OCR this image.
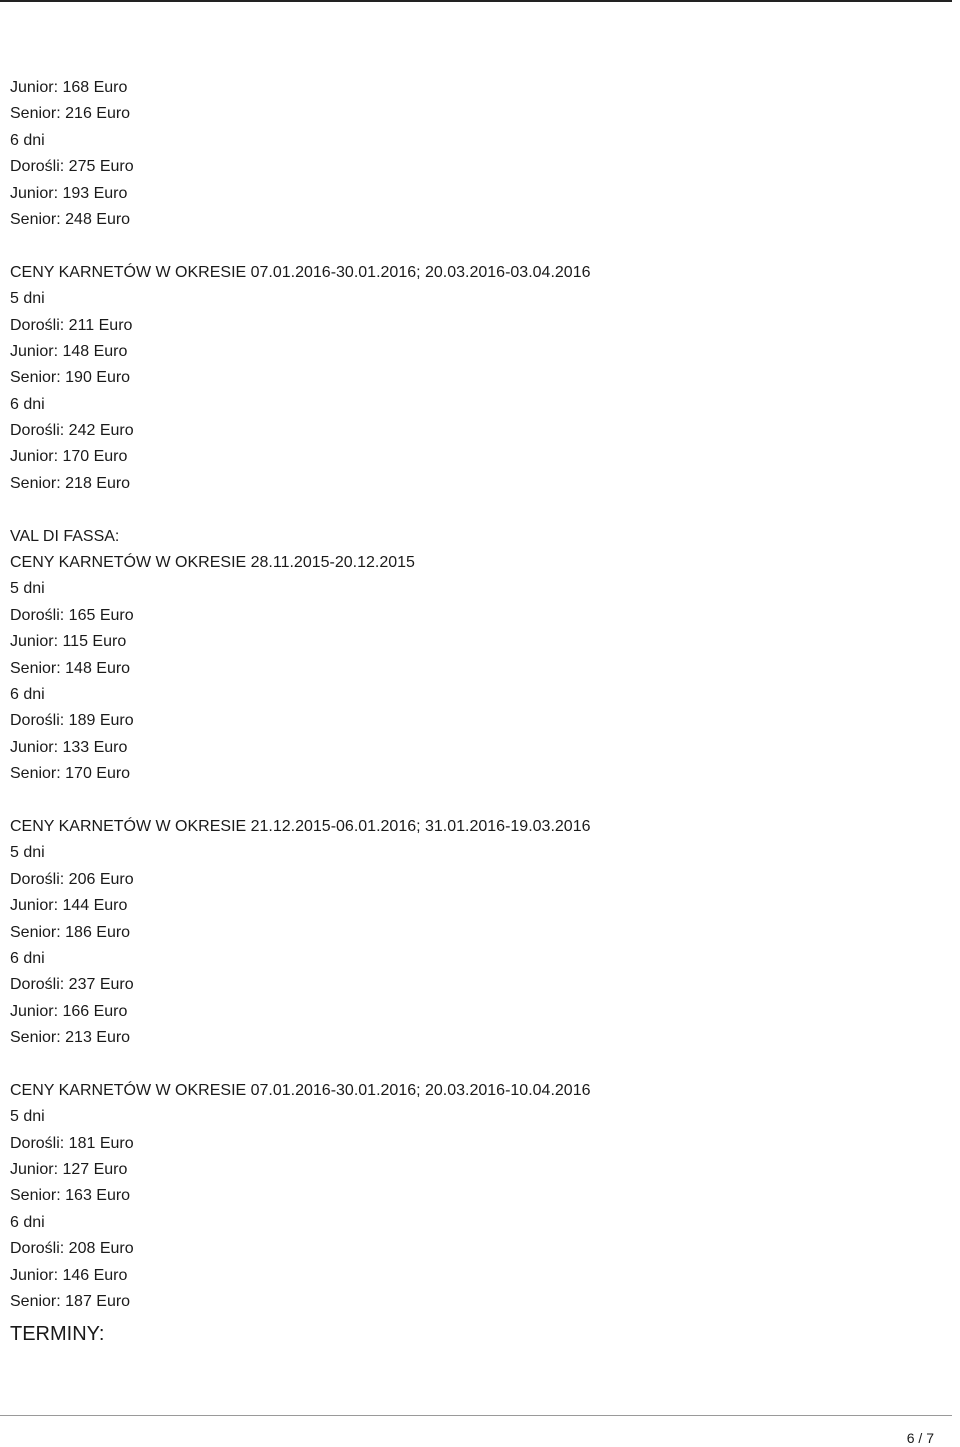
Junior: 168 Euro
Senior: 216 Euro
6 dni
Dorośli: 275 Euro
Junior: 193 Euro
Senior: 248 Euro
CENY KARNETÓW W OKRESIE 07.01.2016-30.01.2016; 20.03.2016-03.04.2016
5 dni
Dorośli: 211 Euro
Junior: 148 Euro
Senior: 190 Euro
6 dni
Dorośli: 242 Euro
Junior: 170 Euro
Senior: 218 Euro
VAL DI FASSA:
CENY KARNETÓW W OKRESIE 28.11.2015-20.12.2015
5 dni
Dorośli: 165 Euro
Junior: 115 Euro
Senior: 148 Euro
6 dni
Dorośli: 189 Euro
Junior: 133 Euro
Senior: 170 Euro
CENY KARNETÓW W OKRESIE 21.12.2015-06.01.2016; 31.01.2016-19.03.2016
5 dni
Dorośli: 206 Euro
Junior: 144 Euro
Senior: 186 Euro
6 dni
Dorośli: 237 Euro
Junior: 166 Euro
Senior: 213 Euro
CENY KARNETÓW W OKRESIE 07.01.2016-30.01.2016; 20.03.2016-10.04.2016
5 dni
Dorośli: 181 Euro
Junior: 127 Euro
Senior: 163 Euro
6 dni
Dorośli: 208 Euro
Junior: 146 Euro
Senior: 187 Euro
TERMINY:
6 / 7
